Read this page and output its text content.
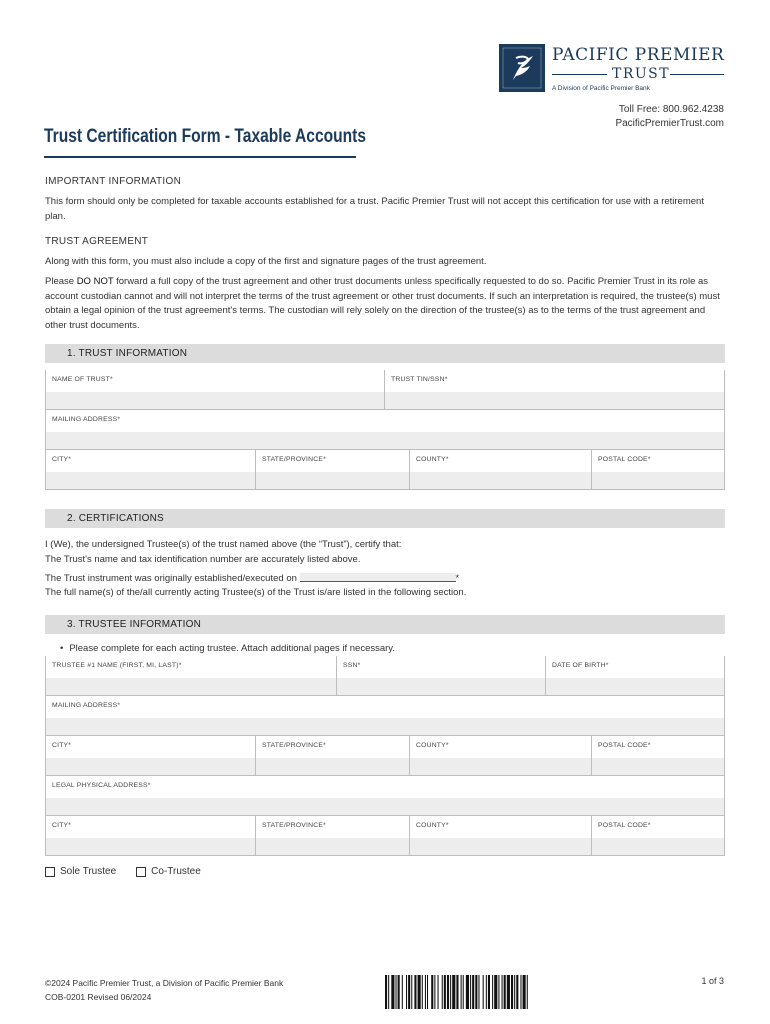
PACIFIC PREMIER
TRUST
A Division of Pacific Premier Bank
Toll Free: 800.962.4238
PacificPremierTrust.com
Trust Certification Form - Taxable Accounts
IMPORTANT INFORMATION
This form should only be completed for taxable accounts established for a trust. Pacific Premier Trust will not accept this certification for use with a retirement plan.
TRUST AGREEMENT
Along with this form, you must also include a copy of the first and signature pages of the trust agreement.
Please DO NOT forward a full copy of the trust agreement and other trust documents unless specifically requested to do so. Pacific Premier Trust in its role as account custodian cannot and will not interpret the terms of the trust agreement or other trust documents. If such an interpretation is required, the trustee(s) must obtain a legal opinion of the trust agreement's terms. The custodian will rely solely on the direction of the trustee(s) as to the terms of the trust agreement and other trust documents.
1. TRUST INFORMATION
NAME OF TRUST*	TRUST TIN/SSN*
MAILING ADDRESS*
CITY*	STATE/PROVINCE*	COUNTY*	POSTAL CODE*
2. CERTIFICATIONS
I (We), the undersigned Trustee(s) of the trust named above (the “Trust”), certify that:
The Trust's name and tax identification number are accurately listed above.
The Trust instrument was originally established/executed on	*
The full name(s) of the/all currently acting Trustee(s) of the Trust is/are listed in the following section.
3. TRUSTEE INFORMATION
• Please complete for each acting trustee. Attach additional pages if necessary.
TRUSTEE #1 NAME (FIRST, MI, LAST)*	SSN*	DATE OF BIRTH*
MAILING ADDRESS*
CITY*	STATE/PROVINCE*	COUNTY*	POSTAL CODE*
LEGAL PHYSICAL ADDRESS*
CITY*	STATE/PROVINCE*	COUNTY*	POSTAL CODE*
Sole Trustee	Co-Trustee
©2024 Pacific Premier Trust, a Division of Pacific Premier Bank
COB-0201 Revised 06/2024
1 of 3
